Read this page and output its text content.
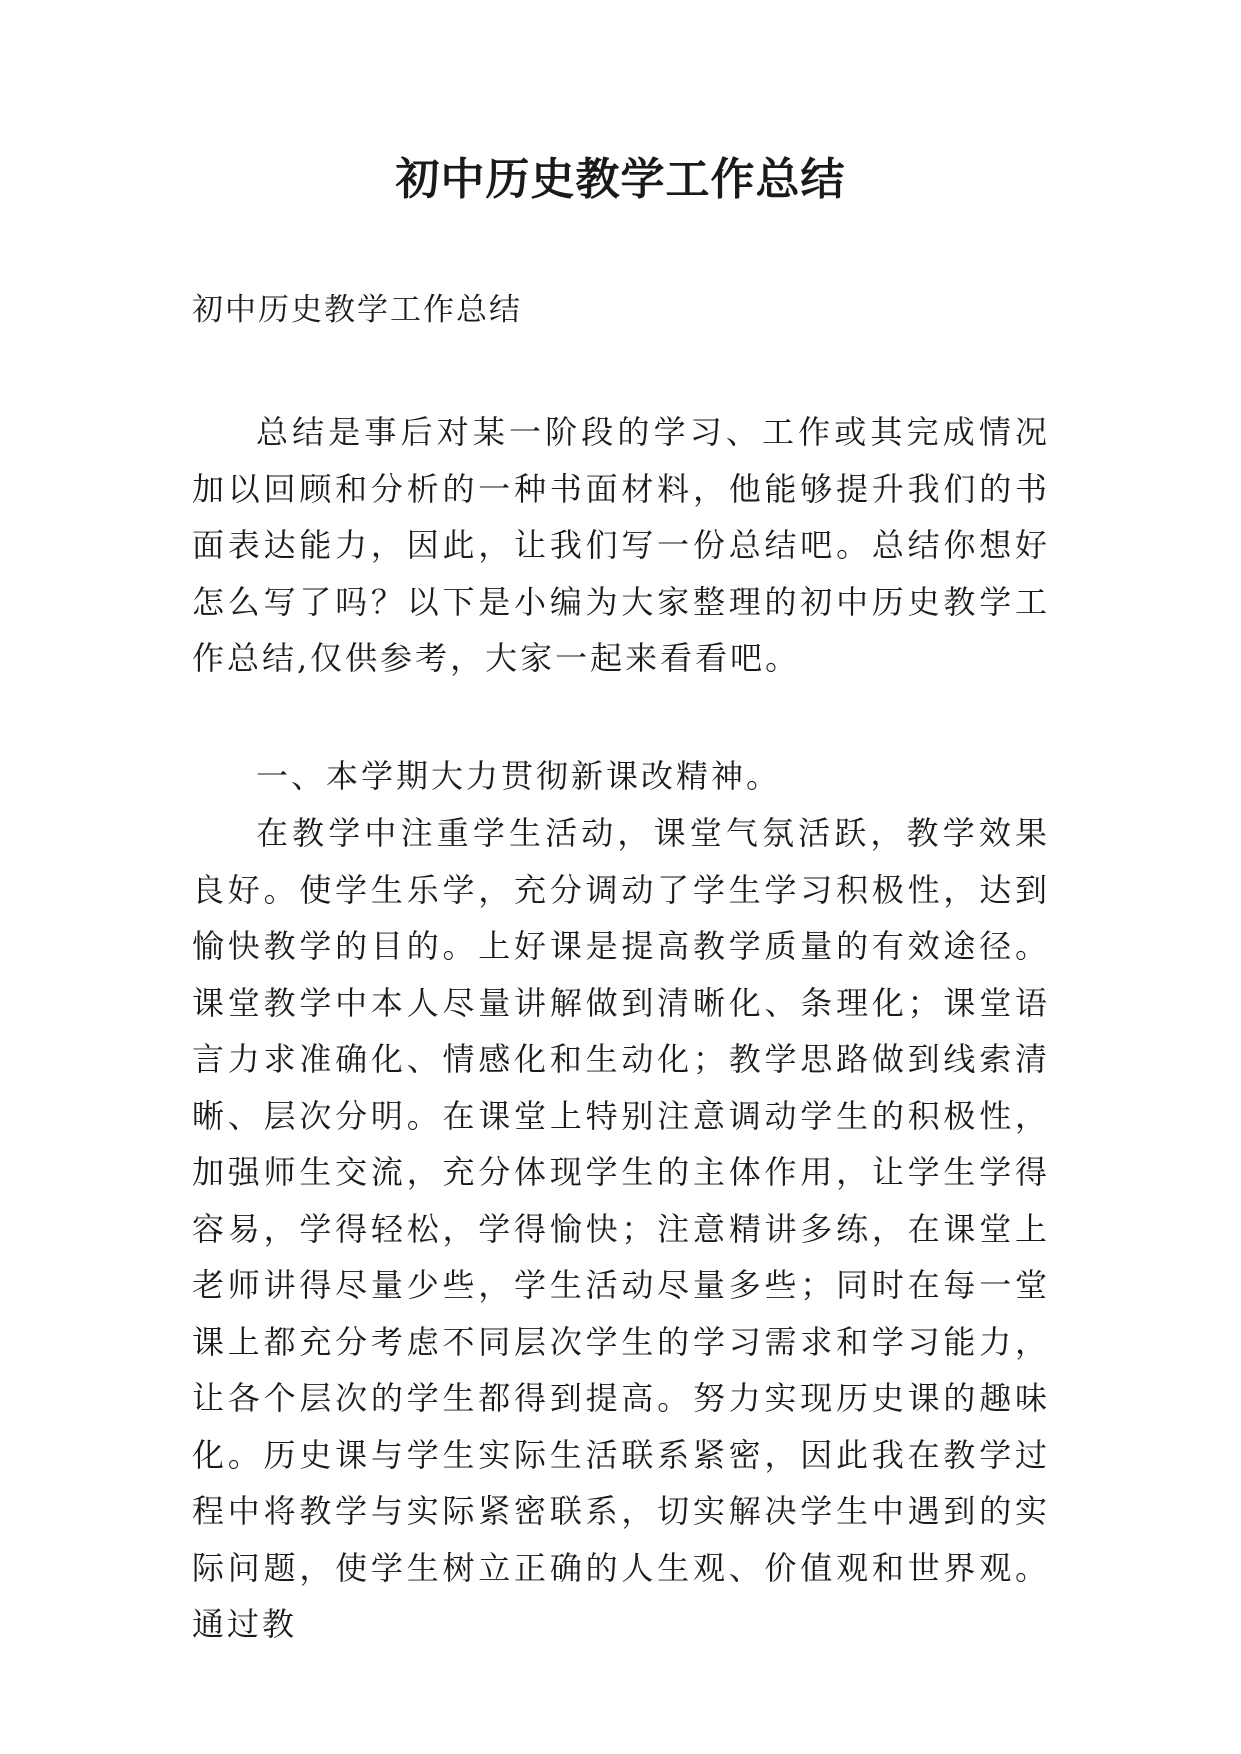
初中历史教学工作总结

初中历史教学工作总结

总结是事后对某一阶段的学习、工作或其完成情况加以回顾和分析的一种书面材料，他能够提升我们的书面表达能力，因此，让我们写一份总结吧。总结你想好怎么写了吗？以下是小编为大家整理的初中历史教学工作总结,仅供参考，大家一起来看看吧。

一、本学期大力贯彻新课改精神。

在教学中注重学生活动，课堂气氛活跃，教学效果良好。使学生乐学，充分调动了学生学习积极性，达到愉快教学的目的。上好课是提高教学质量的有效途径。课堂教学中本人尽量讲解做到清晰化、条理化；课堂语言力求准确化、情感化和生动化；教学思路做到线索清晰、层次分明。在课堂上特别注意调动学生的积极性，加强师生交流，充分体现学生的主体作用，让学生学得容易，学得轻松，学得愉快；注意精讲多练，在课堂上老师讲得尽量少些，学生活动尽量多些；同时在每一堂课上都充分考虑不同层次学生的学习需求和学习能力，让各个层次的学生都得到提高。努力实现历史课的趣味化。历史课与学生实际生活联系紧密，因此我在教学过程中将教学与实际紧密联系，切实解决学生中遇到的实际问题，使学生树立正确的人生观、价值观和世界观。通过教
